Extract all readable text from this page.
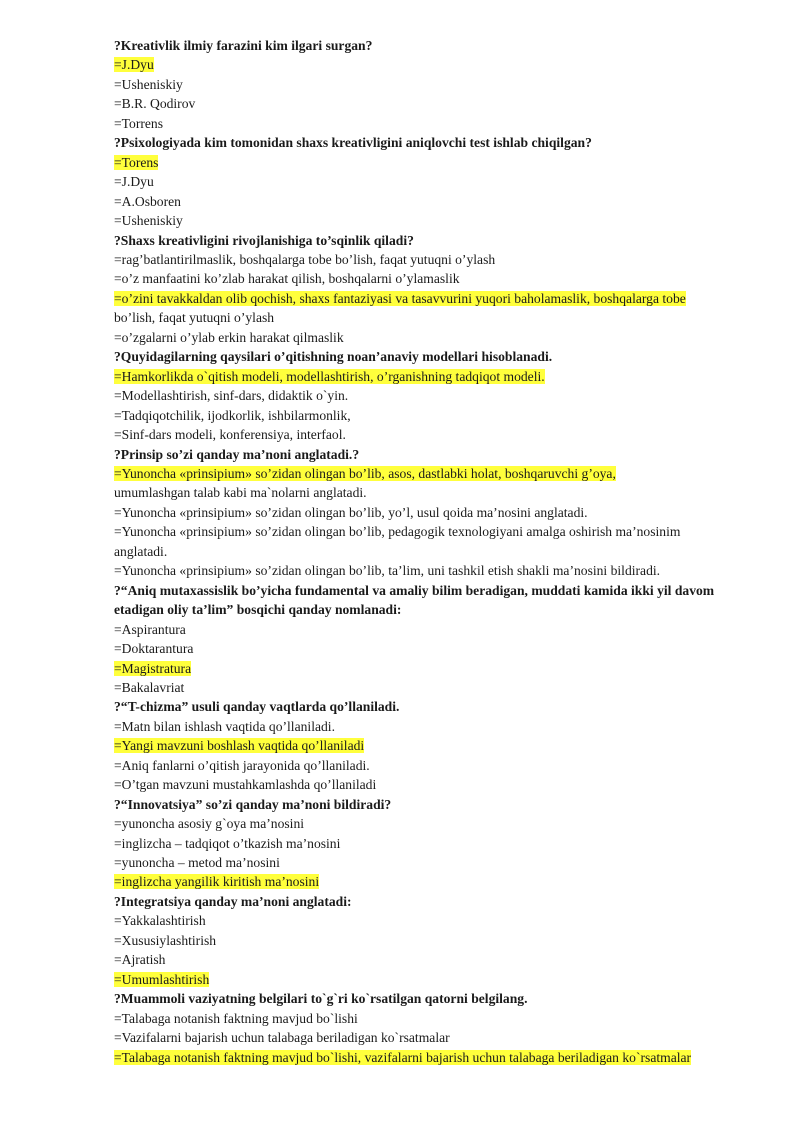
?Kreativlik ilmiy farazini kim ilgari surgan?

=J.Dyu

=Usheniskiy

=B.R. Qodirov

=Torrens

?Psixologiyada kim tomonidan shaxs kreativligini aniqlovchi test ishlab chiqilgan?

=Torens

=J.Dyu

=A.Osboren

=Usheniskiy

?Shaxs kreativligini rivojlanishiga to’sqinlik qiladi?

=rag’batlantirilmaslik, boshqalarga tobe bo’lish, faqat yutuqni o’ylash

=o’z manfaatini ko’zlab harakat qilish, boshqalarni o’ylamaslik

=o’zini tavakkaldan olib qochish, shaxs fantaziyasi va tasavvurini yuqori baholamaslik, boshqalarga tobe
bo’lish, faqat yutuqni o’ylash

=o’zgalarni o’ylab erkin harakat qilmaslik

?Quyidagilarning qaysilari o’qitishning noan’anaviy modellari hisoblanadi.

=Hamkorlikda o`qitish modeli, modellashtirish, o’rganishning tadqiqot modeli.

=Modellashtirish, sinf-dars, didaktik o`yin.

=Tadqiqotchilik, ijodkorlik, ishbilarmonlik,

=Sinf-dars modeli, konferensiya, interfaol.

?Prinsip so’zi qanday ma’noni anglatadi.?

=Yunoncha «prinsipium» so’zidan olingan bo’lib, asos, dastlabki holat, boshqaruvchi g’oya,
umumlashgan talab kabi ma`nolarni anglatadi.

=Yunoncha «prinsipium» so’zidan olingan bo’lib, yo’l, usul qoida ma’nosini anglatadi.

=Yunoncha «prinsipium» so’zidan olingan bo’lib, pedagogik texnologiyani amalga oshirish ma’nosinim
anglatadi.

=Yunoncha «prinsipium» so’zidan olingan bo’lib, ta’lim, uni tashkil etish shakli ma’nosini bildiradi.

?“Aniq mutaxassislik bo’yicha fundamental va amaliy bilim beradigan, muddati kamida ikki yil davom etadigan oliy ta’lim” bosqichi qanday nomlanadi:

=Aspirantura

=Doktarantura

=Magistratura

=Bakalavriat

?“T-chizma” usuli qanday vaqtlarda qo’llaniladi.

=Matn bilan ishlash vaqtida qo’llaniladi.

=Yangi mavzuni boshlash vaqtida qo’llaniladi

=Aniq fanlarni o’qitish jarayonida qo’llaniladi.

=O’tgan mavzuni mustahkamlashda qo’llaniladi

?“Innovatsiya” so’zi qanday ma’noni bildiradi?

=yunoncha asosiy g`oya ma’nosini

=inglizcha – tadqiqot o’tkazish ma’nosini

=yunoncha – metod ma’nosini

=inglizcha yangilik kiritish ma’nosini

?Integratsiya qanday ma’noni anglatadi:

=Yakkalashtirish

=Xususiylashtirish

=Ajratish

=Umumlashtirish

?Muammoli vaziyatning belgilari to`g`ri ko`rsatilgan qatorni belgilang.

=Talabaga notanish faktning mavjud bo`lishi

=Vazifalarni bajarish uchun talabaga beriladigan ko`rsatmalar

=Talabaga notanish faktning mavjud bo`lishi, vazifalarni bajarish uchun talabaga beriladigan ko`rsatmalar
